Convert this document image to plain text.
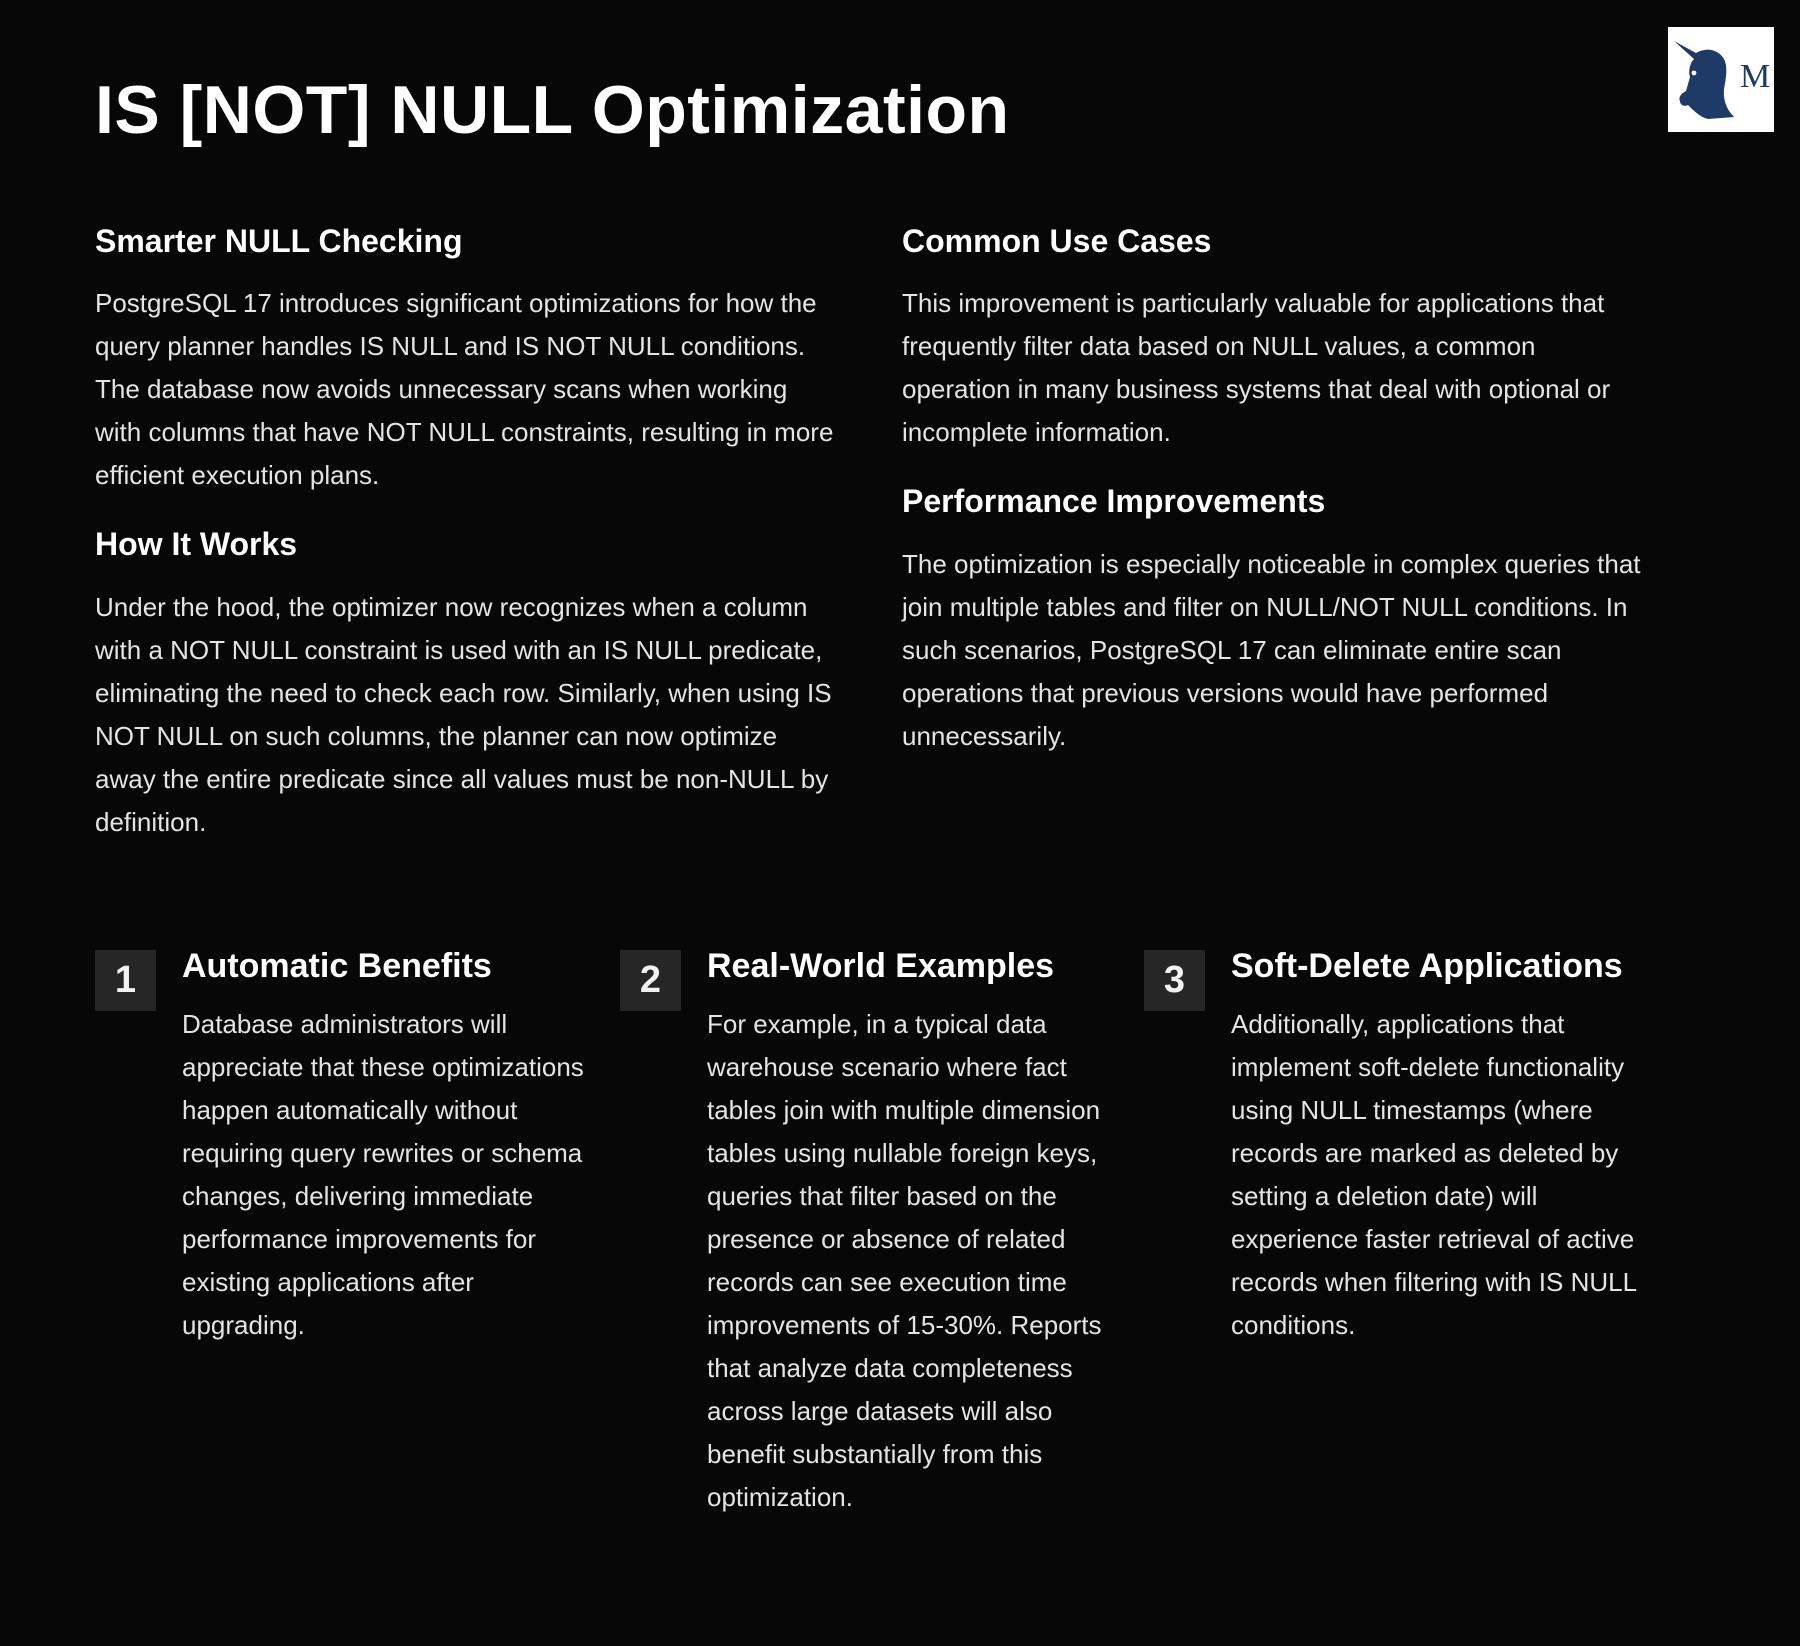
IS [NOT] NULL Optimization	M
Smarter NULL Checking

PostgreSQL 17 introduces significant optimizations for how the query planner handles IS NULL and IS NOT NULL conditions. The database now avoids unnecessary scans when working with columns that have NOT NULL constraints, resulting in more efficient execution plans.

How It Works

Under the hood, the optimizer now recognizes when a column with a NOT NULL constraint is used with an IS NULL predicate, eliminating the need to check each row. Similarly, when using IS NOT NULL on such columns, the planner can now optimize away the entire predicate since all values must be non-NULL by definition.

Common Use Cases

This improvement is particularly valuable for applications that frequently filter data based on NULL values, a common operation in many business systems that deal with optional or incomplete information.

Performance Improvements

The optimization is especially noticeable in complex queries that join multiple tables and filter on NULL/NOT NULL conditions. In such scenarios, PostgreSQL 17 can eliminate entire scan operations that previous versions would have performed unnecessarily.

1	Automatic Benefits

Database administrators will appreciate that these optimizations happen automatically without requiring query rewrites or schema changes, delivering immediate performance improvements for existing applications after upgrading.

2	Real-World Examples

For example, in a typical data warehouse scenario where fact tables join with multiple dimension tables using nullable foreign keys, queries that filter based on the presence or absence of related records can see execution time improvements of 15-30%. Reports that analyze data completeness across large datasets will also benefit substantially from this optimization.

3	Soft-Delete Applications

Additionally, applications that implement soft-delete functionality using NULL timestamps (where records are marked as deleted by setting a deletion date) will experience faster retrieval of active records when filtering with IS NULL conditions.
